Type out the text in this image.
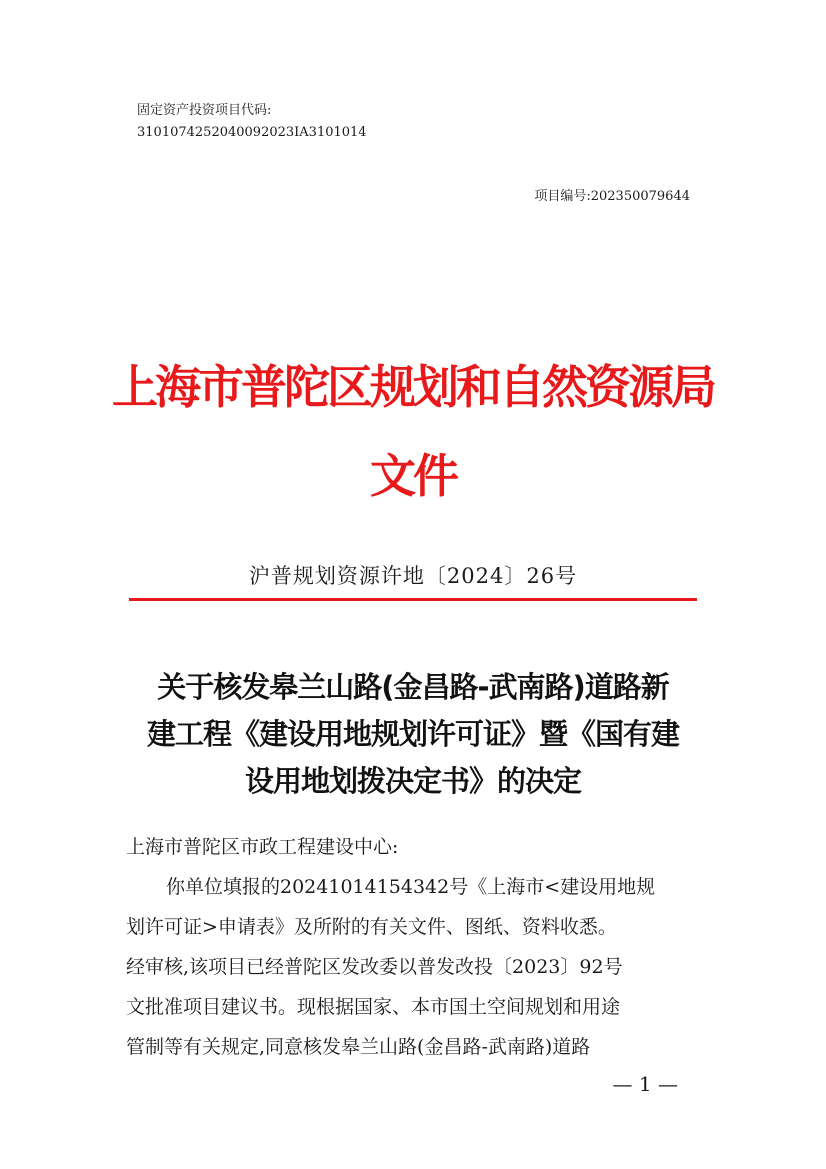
固定资产投资项目代码:
3101074252040092023IA3101014
项目编号:202350079644
上海市普陀区规划和自然资源局
文件
沪普规划资源许地〔2024〕26号
关于核发皋兰山路(金昌路-武南路)道路新
建工程《建设用地规划许可证》暨《国有建
设用地划拨决定书》的决定
上海市普陀区市政工程建设中心:
你单位填报的20241014154342号《上海市<建设用地规
划许可证>申请表》及所附的有关文件、图纸、资料收悉。
经审核,该项目已经普陀区发改委以普发改投〔2023〕92号
文批准项目建议书。现根据国家、本市国土空间规划和用途
管制等有关规定,同意核发皋兰山路(金昌路-武南路)道路
— 1 —
